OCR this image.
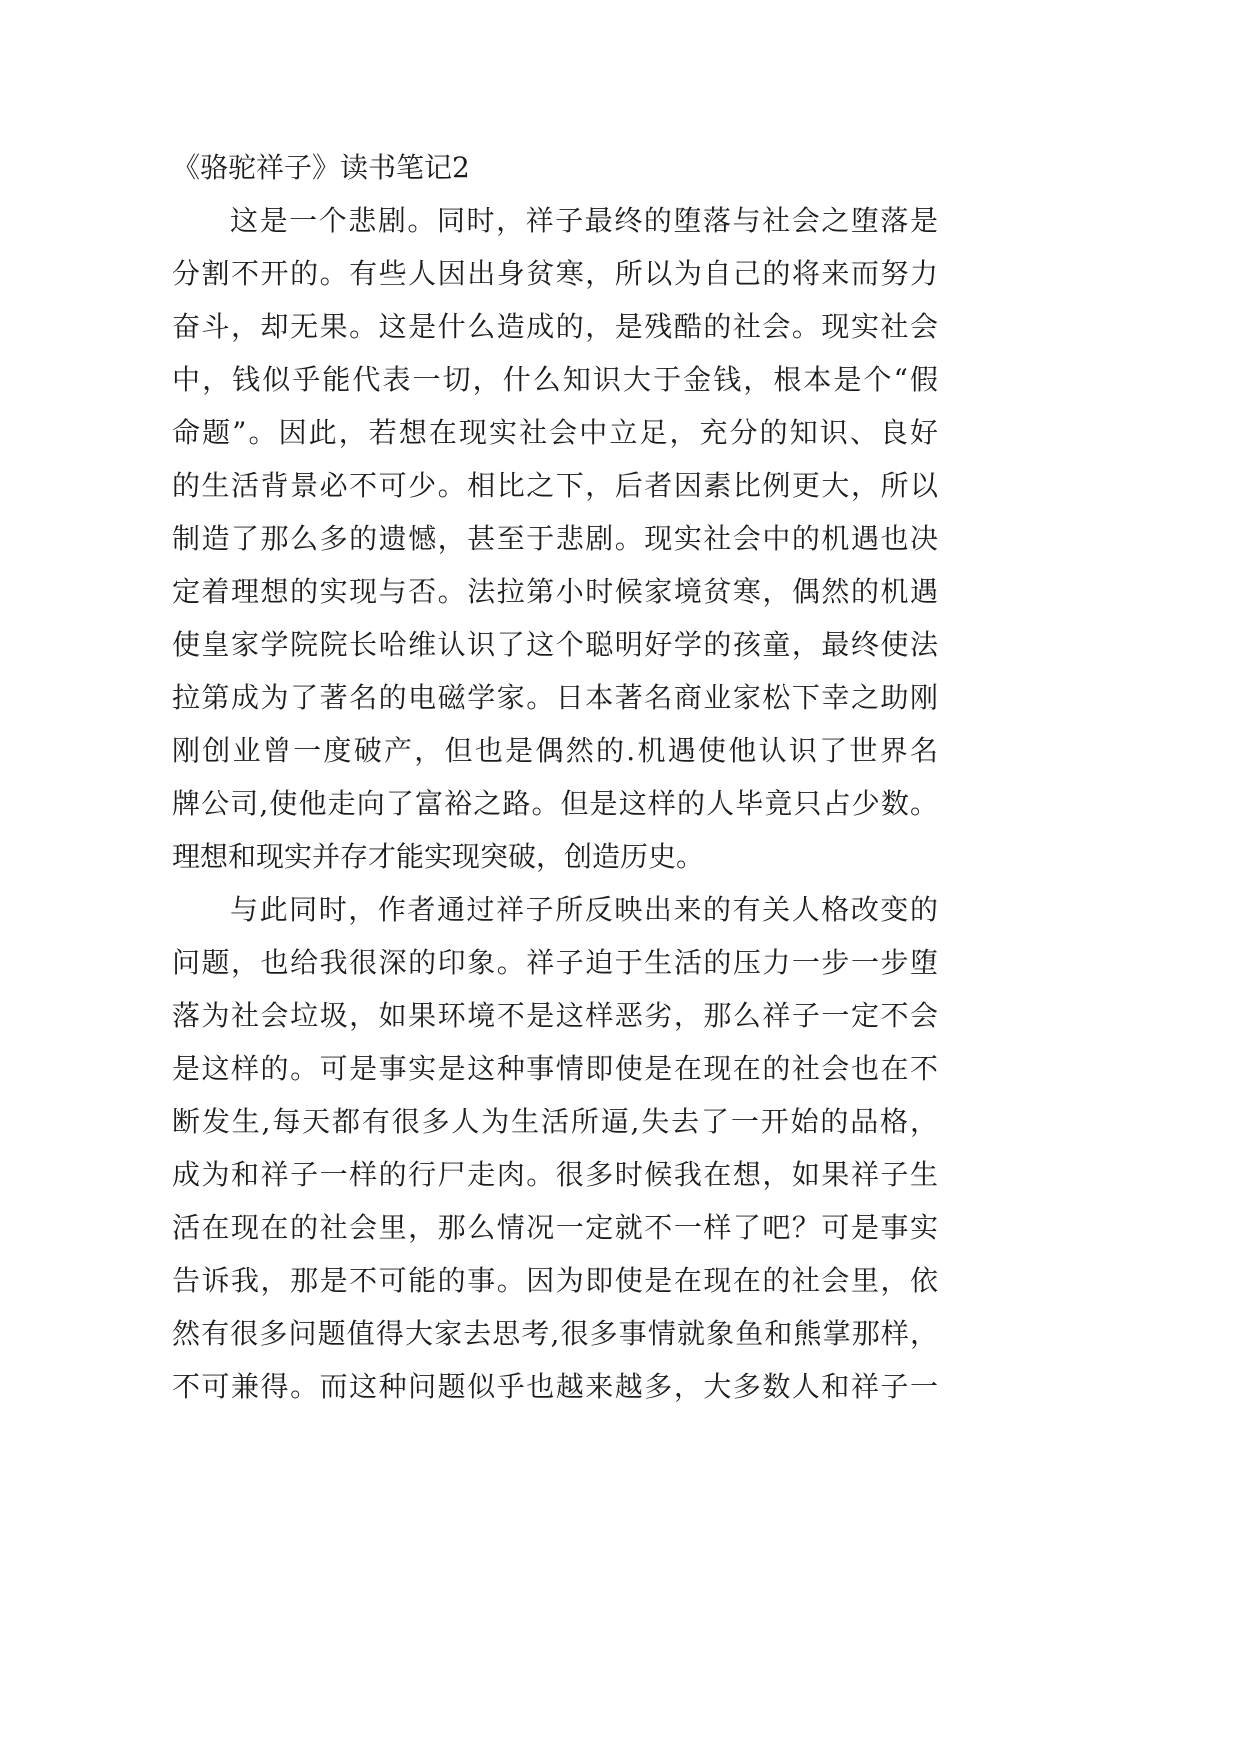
《骆驼祥子》读书笔记2
这是一个悲剧。同时，祥子最终的堕落与社会之堕落是
分割不开的。有些人因出身贫寒，所以为自己的将来而努力
奋斗，却无果。这是什么造成的，是残酷的社会。现实社会
中，钱似乎能代表一切，什么知识大于金钱，根本是个“假
命题”。因此，若想在现实社会中立足，充分的知识、良好
的生活背景必不可少。相比之下，后者因素比例更大，所以
制造了那么多的遗憾，甚至于悲剧。现实社会中的机遇也决
定着理想的实现与否。法拉第小时候家境贫寒，偶然的机遇
使皇家学院院长哈维认识了这个聪明好学的孩童，最终使法
拉第成为了著名的电磁学家。日本著名商业家松下幸之助刚
刚创业曾一度破产，但也是偶然的.机遇使他认识了世界名
牌公司,使他走向了富裕之路。但是这样的人毕竟只占少数。
理想和现实并存才能实现突破，创造历史。
与此同时，作者通过祥子所反映出来的有关人格改变的
问题，也给我很深的印象。祥子迫于生活的压力一步一步堕
落为社会垃圾，如果环境不是这样恶劣，那么祥子一定不会
是这样的。可是事实是这种事情即使是在现在的社会也在不
断发生,每天都有很多人为生活所逼,失去了一开始的品格，
成为和祥子一样的行尸走肉。很多时候我在想，如果祥子生
活在现在的社会里，那么情况一定就不一样了吧？可是事实
告诉我，那是不可能的事。因为即使是在现在的社会里，依
然有很多问题值得大家去思考,很多事情就象鱼和熊掌那样，
不可兼得。而这种问题似乎也越来越多，大多数人和祥子一
